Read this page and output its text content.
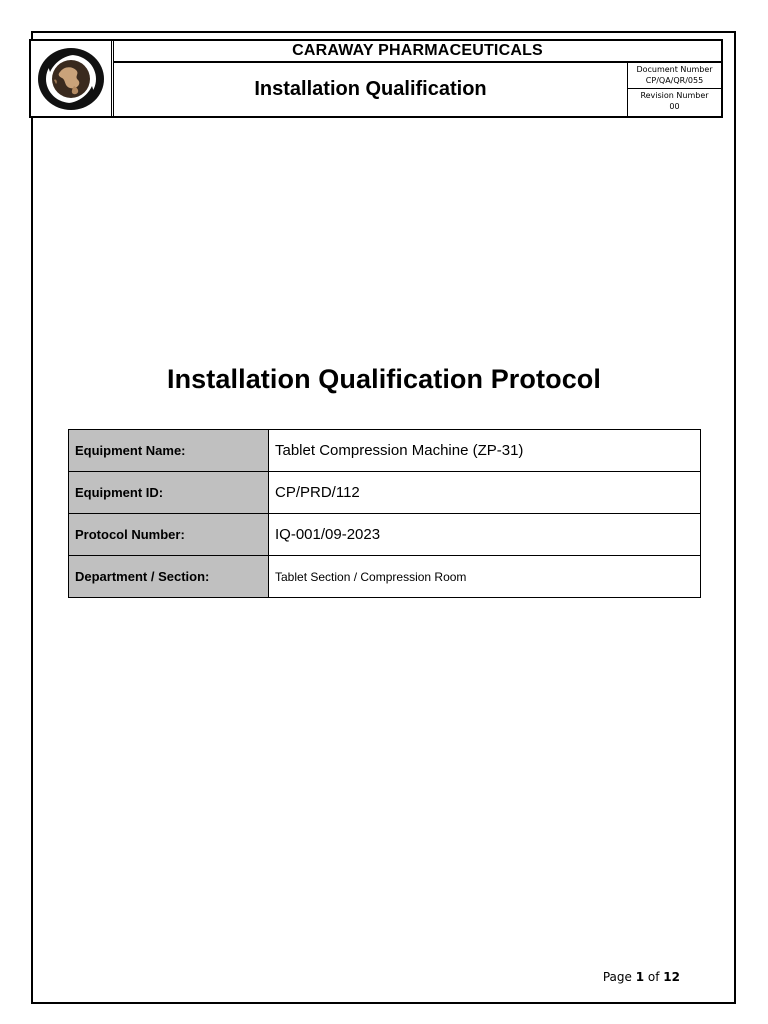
CARAWAY PHARMACEUTICALS
Installation Qualification
Document Number
CP/QA/QR/055
Revision Number
00
Installation Qualification Protocol
Equipment Name:	Tablet Compression Machine (ZP-31)
Equipment ID:	CP/PRD/112
Protocol Number:	IQ-001/09-2023
Department / Section:	Tablet Section / Compression Room
Page 1 of 12
